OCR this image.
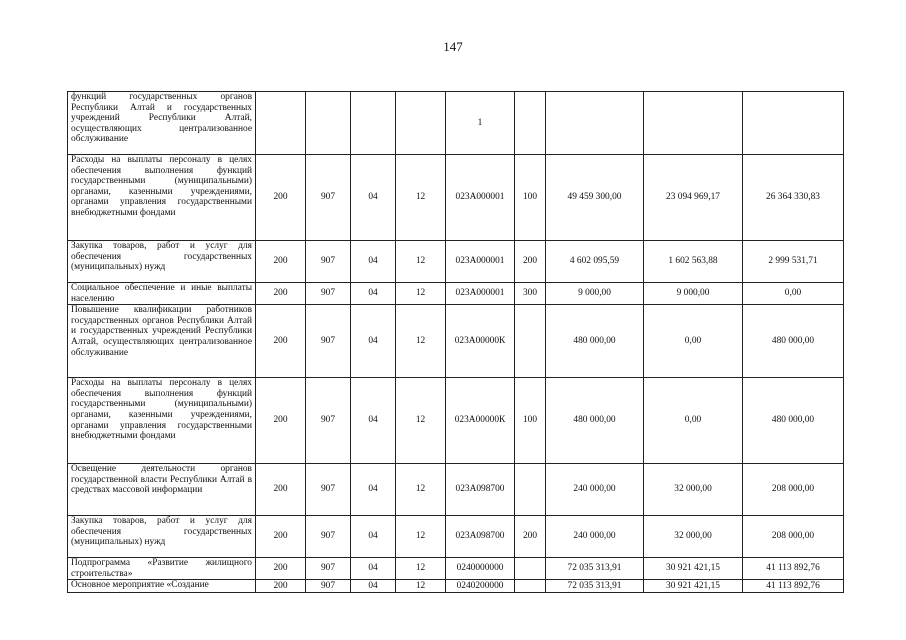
147
функций государственных органов Республики Алтай и государственных учреждений Республики Алтай, осуществляющих централизованное обслуживание					1				
Расходы на выплаты персоналу в целях обеспечения выполнения функций государственными (муниципальными) органами, казенными учреждениями, органами управления государственными внебюджетными фондами	200	907	04	12	023А000001	100	49 459 300,00	23 094 969,17	26 364 330,83
Закупка товаров, работ и услуг для обеспечения государственных (муниципальных) нужд	200	907	04	12	023А000001	200	4 602 095,59	1 602 563,88	2 999 531,71
Социальное обеспечение и иные выплаты населению	200	907	04	12	023А000001	300	9 000,00	9 000,00	0,00
Повышение квалификации работников государственных органов Республики Алтай и государственных учреждений Республики Алтай, осуществляющих централизованное обслуживание	200	907	04	12	023А00000К		480 000,00	0,00	480 000,00
Расходы на выплаты персоналу в целях обеспечения выполнения функций государственными (муниципальными) органами, казенными учреждениями, органами управления государственными внебюджетными фондами	200	907	04	12	023А00000К	100	480 000,00	0,00	480 000,00
Освещение деятельности органов государственной власти Республики Алтай в средствах массовой информации	200	907	04	12	023А098700		240 000,00	32 000,00	208 000,00
Закупка товаров, работ и услуг для обеспечения государственных (муниципальных) нужд	200	907	04	12	023А098700	200	240 000,00	32 000,00	208 000,00
Подпрограмма «Развитие жилищного строительства»	200	907	04	12	0240000000		72 035 313,91	30 921 421,15	41 113 892,76
Основное мероприятие «Создание	200	907	04	12	0240200000		72 035 313,91	30 921 421,15	41 113 892,76
